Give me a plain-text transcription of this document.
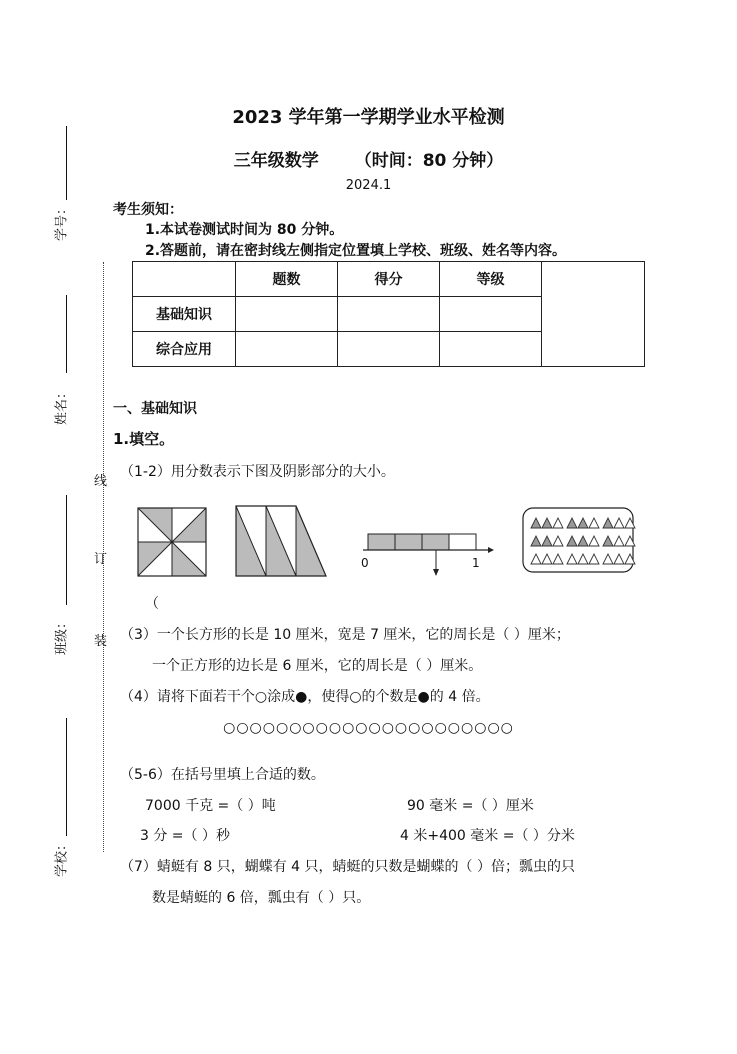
2023 学年第一学期学业水平检测
三年级数学 （时间：80 分钟）
2024.1
考生须知：
1.本试卷测试时间为 80 分钟。
2.答题前，请在密封线左侧指定位置填上学校、班级、姓名等内容。
学号：
姓名：
班级：
学校：
线
订
装
	题数	得分	等级	
基础知识				
综合应用				
一、基础知识
1.填空。
（1-2）用分数表示下图及阴影部分的大小。
0	1
（
（3）一个长方形的长是 10 厘米，宽是 7 厘米，它的周长是（ ）厘米；
一个正方形的边长是 6 厘米，它的周长是（ ）厘米。
（4）请将下面若干个○涂成●，使得○的个数是●的 4 倍。
○○○○○○○○○○○○○○○○○○○○○○
（5-6）在括号里填上合适的数。
7000 千克 =（ ）吨	90 毫米 =（ ）厘米
3 分 =（ ）秒	4 米+400 毫米 =（ ）分米
（7）蜻蜓有 8 只，蝴蝶有 4 只，蜻蜓的只数是蝴蝶的（ ）倍；瓢虫的只
数是蜻蜓的 6 倍，瓢虫有（ ）只。
